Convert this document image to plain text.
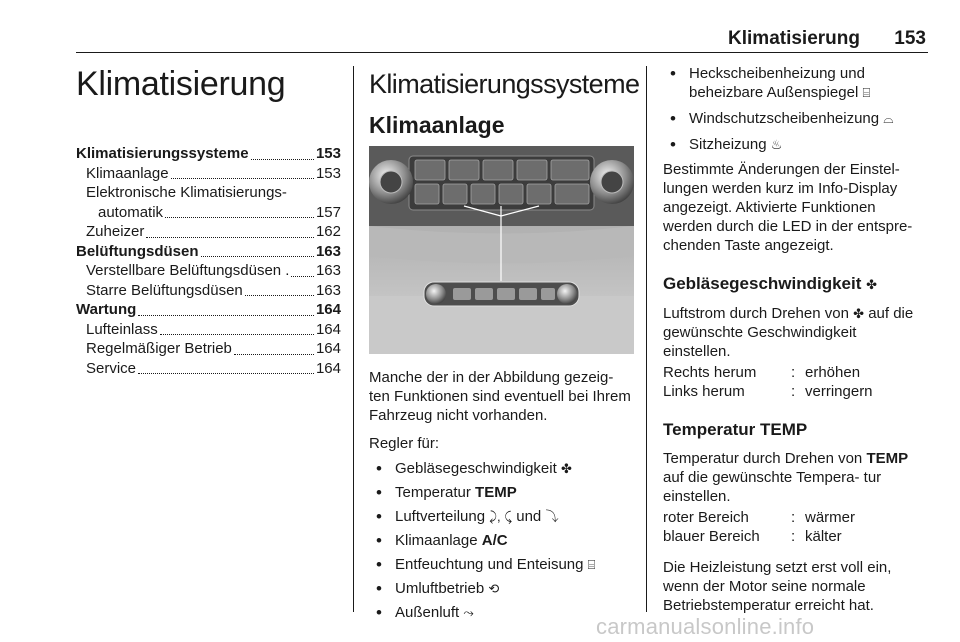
Klimatisierung	153
Klimatisierung
Klimatisierungssysteme	153
Klimaanlage	153
Elektronische Klimatisierungs-
automatik	157
Zuheizer	162
Belüftungsdüsen	163
Verstellbare Belüftungsdüsen . 163
Starre Belüftungsdüsen	163
Wartung	164
Lufteinlass	164
Regelmäßiger Betrieb	164
Service	164
Klimatisierungssysteme
Klimaanlage

Manche der in der Abbildung gezeig- ten Funktionen sind eventuell bei Ihrem Fahrzeug nicht vorhanden.

Regler für:

• Gebläsegeschwindigkeit ✤
• Temperatur TEMP
• Luftverteilung ⤸, ⤹ und ⤵
• Klimaanlage A/C
• Entfeuchtung und Enteisung ⌸
• Umluftbetrieb ⟲
• Außenluft ⤳
• Heckscheibenheizung und beheizbare Außenspiegel ⌸
• Windschutzscheibenheizung ⌓
• Sitzheizung ♨

Bestimmte Änderungen der Einstel- lungen werden kurz im Info-Display angezeigt. Aktivierte Funktionen werden durch die LED in der entspre- chenden Taste angezeigt.

Gebläsegeschwindigkeit ✤

Luftstrom durch Drehen von ✤ auf die gewünschte Geschwindigkeit einstellen.

Rechts herum	: erhöhen
Links herum	: verringern
Temperatur TEMP

Temperatur durch Drehen von TEMP auf die gewünschte Tempera- tur einstellen.

roter Bereich	: wärmer
blauer Bereich	: kälter

Die Heizleistung setzt erst voll ein, wenn der Motor seine normale Betriebstemperatur erreicht hat.

carmanualsonline.info
